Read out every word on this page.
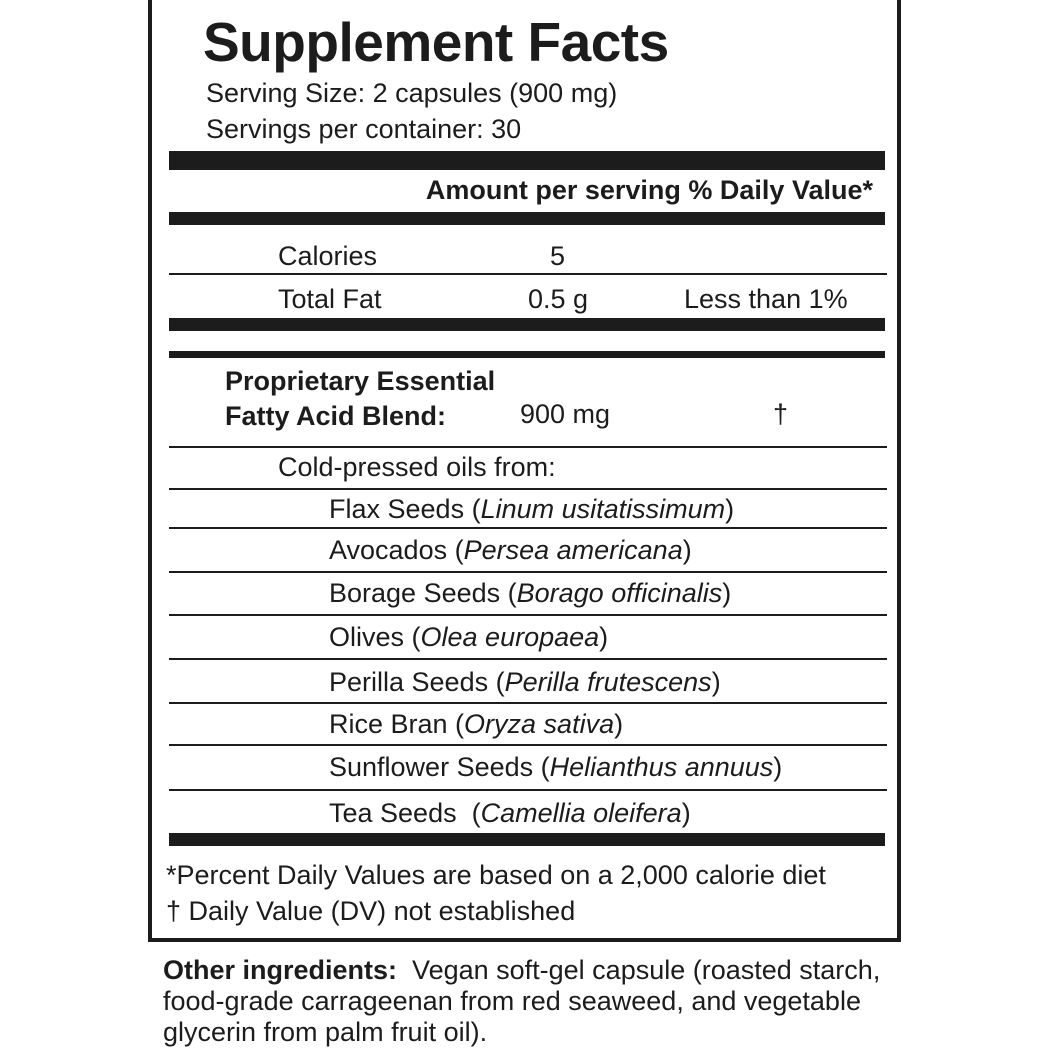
Supplement Facts
Serving Size: 2 capsules (900 mg)
Servings per container: 30
Amount per serving % Daily Value*
Calories	5
Total Fat	0.5 g	Less than 1%
Proprietary Essential
Fatty Acid Blend:	900 mg	†
Cold-pressed oils from:
Flax Seeds (Linum usitatissimum)
Avocados (Persea americana)
Borage Seeds (Borago officinalis)
Olives (Olea europaea)
Perilla Seeds (Perilla frutescens)
Rice Bran (Oryza sativa)
Sunflower Seeds (Helianthus annuus)
Tea Seeds  (Camellia oleifera)
*Percent Daily Values are based on a 2,000 calorie diet
† Daily Value (DV) not established
Other ingredients: Vegan soft-gel capsule (roasted starch, food-grade carrageenan from red seaweed, and vegetable glycerin from palm fruit oil).
